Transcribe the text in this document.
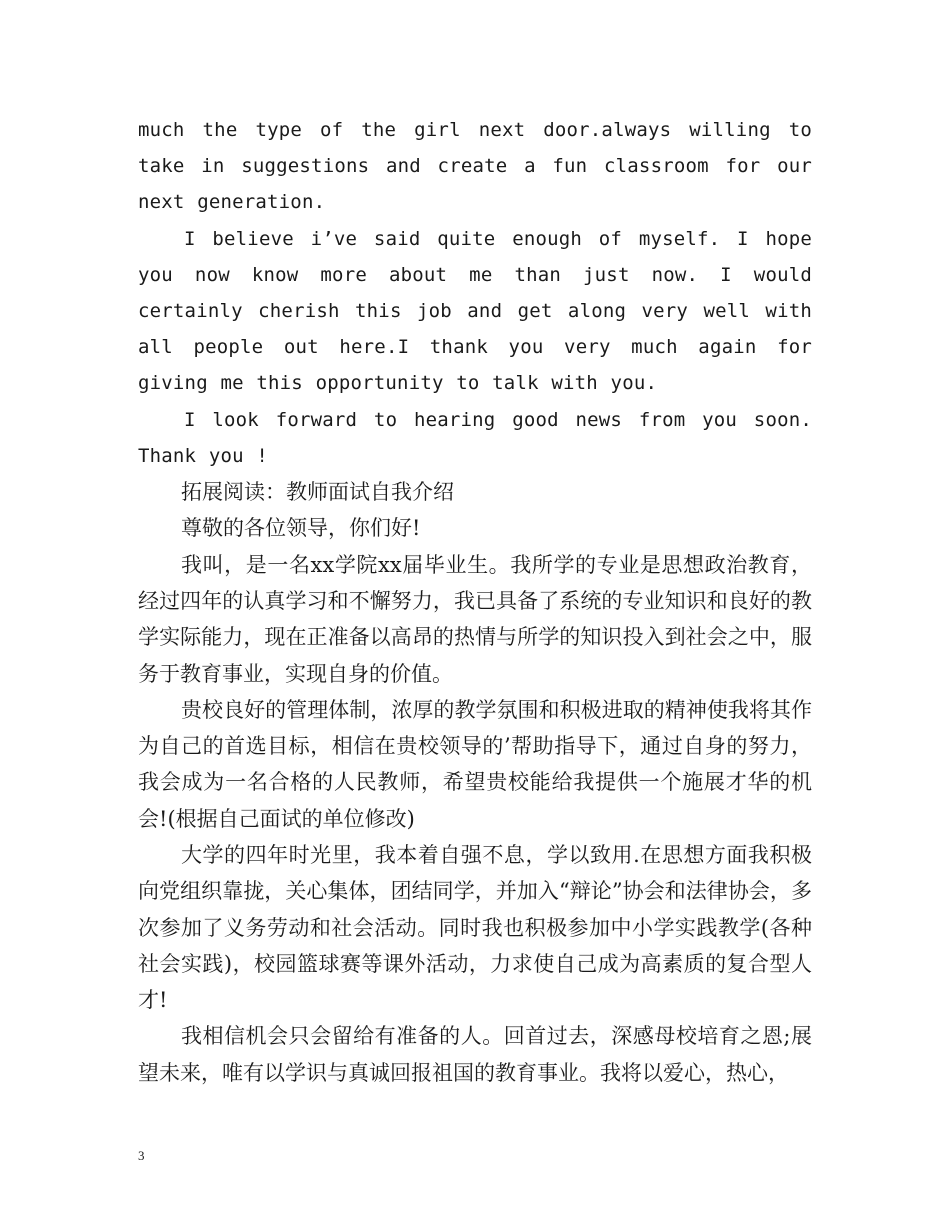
much the type of the girl next door.always willing to take in suggestions and create a fun classroom for our next generation.

I believe i’ve said quite enough of myself. I hope you now know more about me than just now. I would certainly cherish this job and get along very well with all people out here.I thank you very much again for giving me this opportunity to talk with you.

I look forward to hearing good news from you soon. Thank you !

拓展阅读：教师面试自我介绍

尊敬的各位领导，你们好!

我叫，是一名xx学院xx届毕业生。我所学的专业是思想政治教育，经过四年的认真学习和不懈努力，我已具备了系统的专业知识和良好的教学实际能力，现在正准备以高昂的热情与所学的知识投入到社会之中，服务于教育事业，实现自身的价值。

贵校良好的管理体制，浓厚的教学氛围和积极进取的精神使我将其作为自己的首选目标，相信在贵校领导的’帮助指导下，通过自身的努力，我会成为一名合格的人民教师，希望贵校能给我提供一个施展才华的机会!(根据自己面试的单位修改)

大学的四年时光里，我本着自强不息，学以致用.在思想方面我积极向党组织靠拢，关心集体，团结同学，并加入“辩论”协会和法律协会，多次参加了义务劳动和社会活动。同时我也积极参加中小学实践教学(各种社会实践)，校园篮球赛等课外活动，力求使自己成为高素质的复合型人才!

我相信机会只会留给有准备的人。回首过去，深感母校培育之恩;展望未来，唯有以学识与真诚回报祖国的教育事业。我将以爱心，热心，

3
